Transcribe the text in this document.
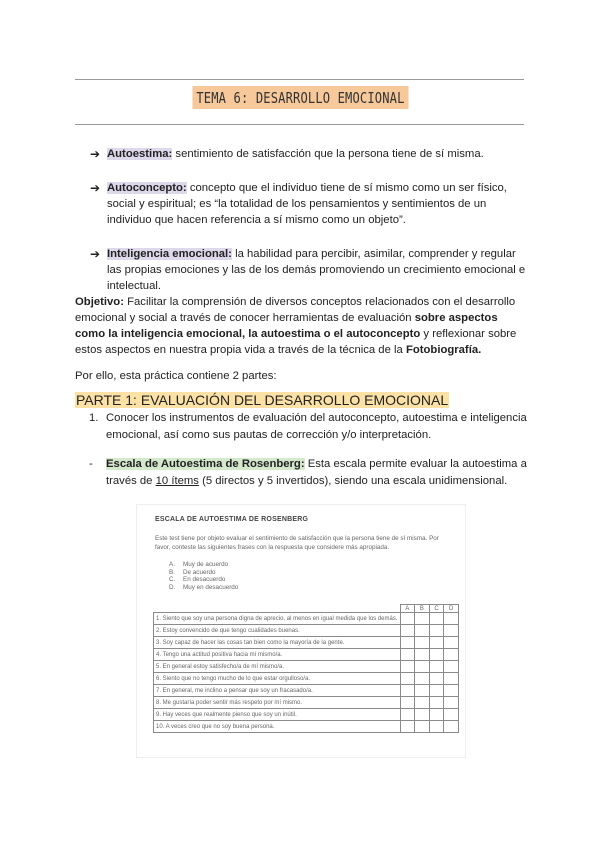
TEMA 6: DESARROLLO EMOCIONAL
➔ Autoestima: sentimiento de satisfacción que la persona tiene de sí misma.
➔ Autoconcepto: concepto que el individuo tiene de sí mismo como un ser físico, social y espiritual; es “la totalidad de los pensamientos y sentimientos de un individuo que hacen referencia a sí mismo como un objeto”.
➔ Inteligencia emocional: la habilidad para percibir, asimilar, comprender y regular las propias emociones y las de los demás promoviendo un crecimiento emocional e intelectual.
Objetivo: Facilitar la comprensión de diversos conceptos relacionados con el desarrollo emocional y social a través de conocer herramientas de evaluación sobre aspectos como la inteligencia emocional, la autoestima o el autoconcepto y reflexionar sobre estos aspectos en nuestra propia vida a través de la técnica de la Fotobiografía.
Por ello, esta práctica contiene 2 partes:
PARTE 1: EVALUACIÓN DEL DESARROLLO EMOCIONAL
1. Conocer los instrumentos de evaluación del autoconcepto, autoestima e inteligencia emocional, así como sus pautas de corrección y/o interpretación.
-	Escala de Autoestima de Rosenberg: Esta escala permite evaluar la autoestima a través de 10 ítems (5 directos y 5 invertidos), siendo una escala unidimensional.
ESCALA DE AUTOESTIMA DE ROSENBERG
Este test tiene por objeto evaluar el sentimiento de satisfacción que la persona tiene de sí misma. Por favor, conteste las siguientes frases con la respuesta que considere más apropiada.
A. Muy de acuerdo
B. De acuerdo
C. En desacuerdo
D. Muy en desacuerdo
	A	B	C	D
1. Siento que soy una persona digna de aprecio, al menos en igual medida que los demás.				
2. Estoy convencido de que tengo cualidades buenas.				
3. Soy capaz de hacer las cosas tan bien como la mayoría de la gente.				
4. Tengo una actitud positiva hacia mí mismo/a.				
5. En general estoy satisfecho/a de mí mismo/a.				
6. Siento que no tengo mucho de lo que estar orgulloso/a.				
7. En general, me inclino a pensar que soy un fracasado/a.				
8. Me gustaría poder sentir más respeto por mí mismo.				
9. Hay veces que realmente pienso que soy un inútil.				
10. A veces creo que no soy buena persona.				
